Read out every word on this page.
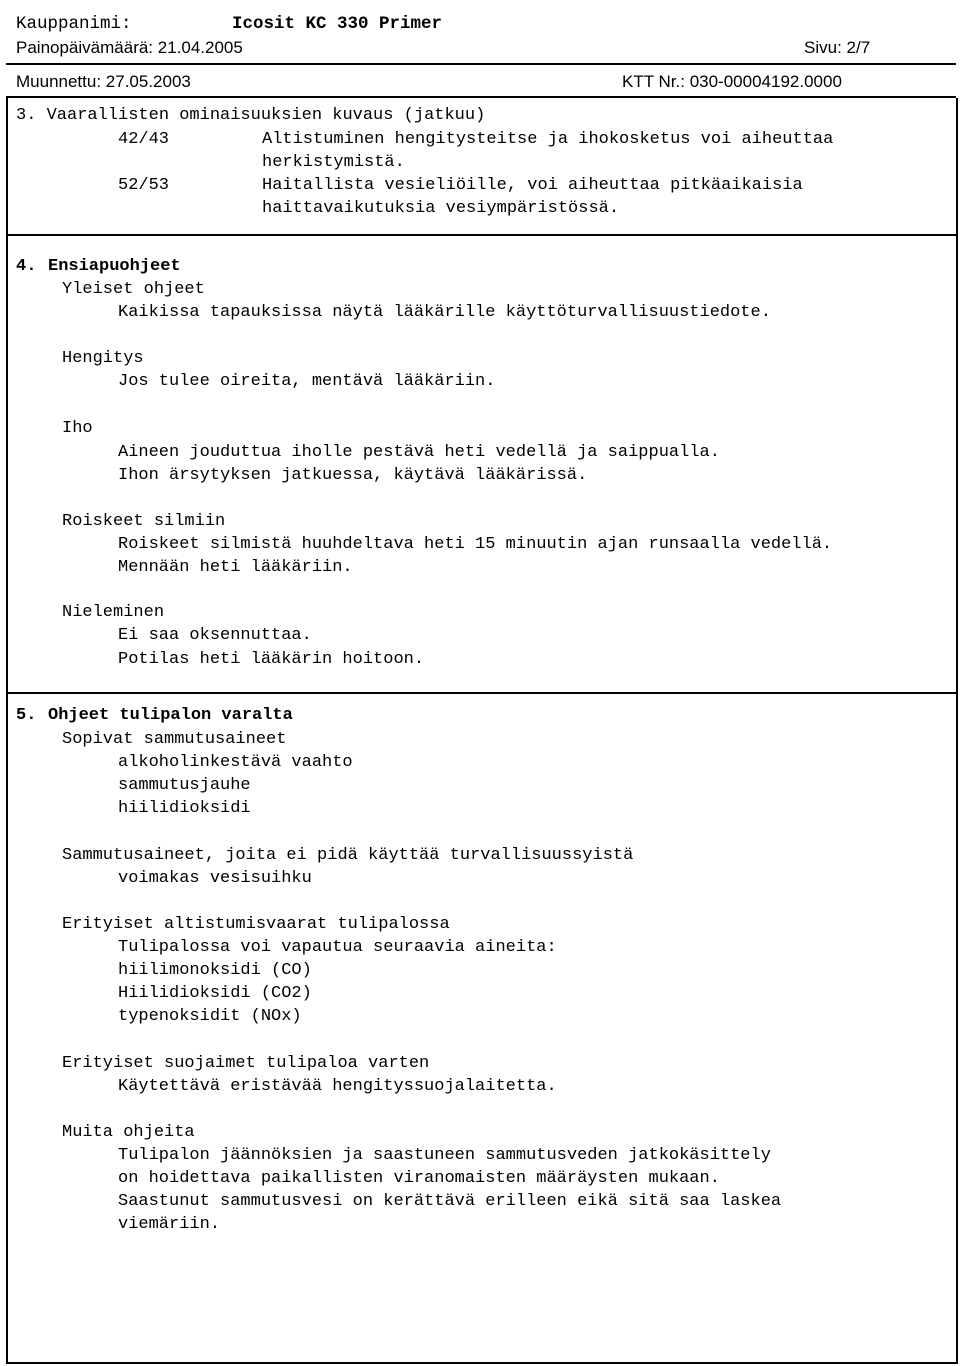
Kauppanimi:	Icosit KC 330 Primer
Painopäivämäärä: 21.04.2005	Sivu: 2/7
Muunnettu: 27.05.2003	KTT Nr.: 030-00004192.0000
3. Vaarallisten ominaisuuksien kuvaus (jatkuu)
42/43	Altistuminen hengitysteitse ja ihokosketus voi aiheuttaa
herkistymistä.
52/53	Haitallista vesieliöille, voi aiheuttaa pitkäaikaisia
haittavaikutuksia vesiympäristössä.
4. Ensiapuohjeet
Yleiset ohjeet
Kaikissa tapauksissa näytä lääkärille käyttöturvallisuustiedote.
Hengitys
Jos tulee oireita, mentävä lääkäriin.
Iho
Aineen jouduttua iholle pestävä heti vedellä ja saippualla.
Ihon ärsytyksen jatkuessa, käytävä lääkärissä.
Roiskeet silmiin
Roiskeet silmistä huuhdeltava heti 15 minuutin ajan runsaalla vedellä.
Mennään heti lääkäriin.
Nieleminen
Ei saa oksennuttaa.
Potilas heti lääkärin hoitoon.
5. Ohjeet tulipalon varalta
Sopivat sammutusaineet
alkoholinkestävä vaahto
sammutusjauhe
hiilidioksidi
Sammutusaineet, joita ei pidä käyttää turvallisuussyistä
voimakas vesisuihku
Erityiset altistumisvaarat tulipalossa
Tulipalossa voi vapautua seuraavia aineita:
hiilimonoksidi (CO)
Hiilidioksidi (CO2)
typenoksidit (NOx)
Erityiset suojaimet tulipaloa varten
Käytettävä eristävää hengityssuojalaitetta.
Muita ohjeita
Tulipalon jäännöksien ja saastuneen sammutusveden jatkokäsittely
on hoidettava paikallisten viranomaisten määräysten mukaan.
Saastunut sammutusvesi on kerättävä erilleen eikä sitä saa laskea
viemäriin.
